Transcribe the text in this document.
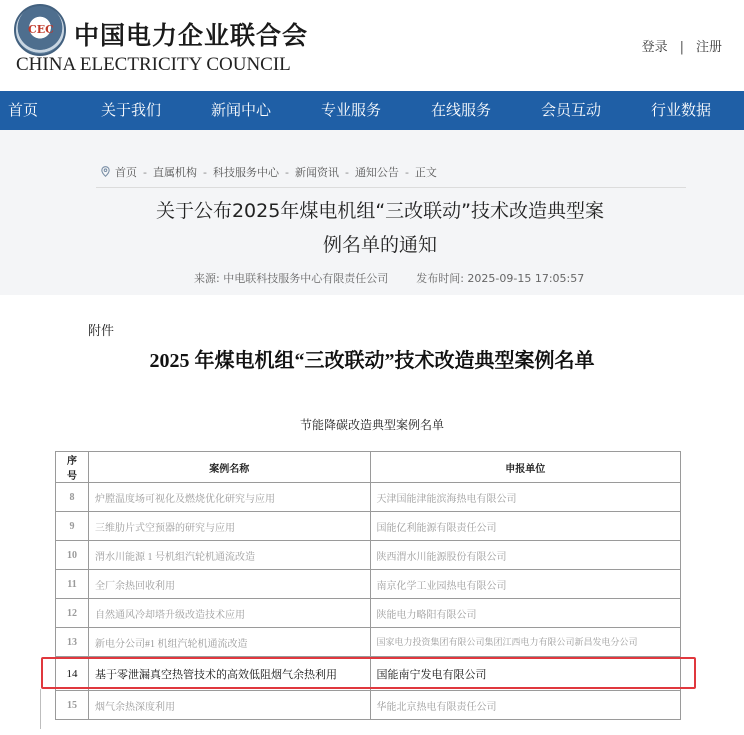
CEC 中国电力企业联合会
CHINA ELECTRICITY COUNCIL
登录 | 注册
首页	关于我们	新闻中心	专业服务	在线服务	会员互动	行业数据
首页 - 直属机构 - 科技服务中心 - 新闻资讯 - 通知公告 - 正文
关于公布2025年煤电机组“三改联动”技术改造典型案
例名单的通知
来源: 中电联科技服务中心有限责任公司	发布时间: 2025-09-15 17:05:57
附件
2025 年煤电机组“三改联动”技术改造典型案例名单
节能降碳改造典型案例名单
序号	案例名称	申报单位
8	炉膛温度场可视化及燃烧优化研究与应用	天津国能津能滨海热电有限公司
9	三维肋片式空预器的研究与应用	国能亿利能源有限责任公司
10	渭水川能源 1 号机组汽轮机通流改造	陕西渭水川能源股份有限公司
11	全厂余热回收利用	南京化学工业园热电有限公司
12	自然通风冷却塔升级改造技术应用	陕能电力略阳有限公司
13	新电分公司#1 机组汽轮机通流改造	国家电力投资集团有限公司集团江西电力有限公司新昌发电分公司
14	基于零泄漏真空热管技术的高效低阻烟气余热利用	国能南宁发电有限公司
15	烟气余热深度利用	华能北京热电有限责任公司
